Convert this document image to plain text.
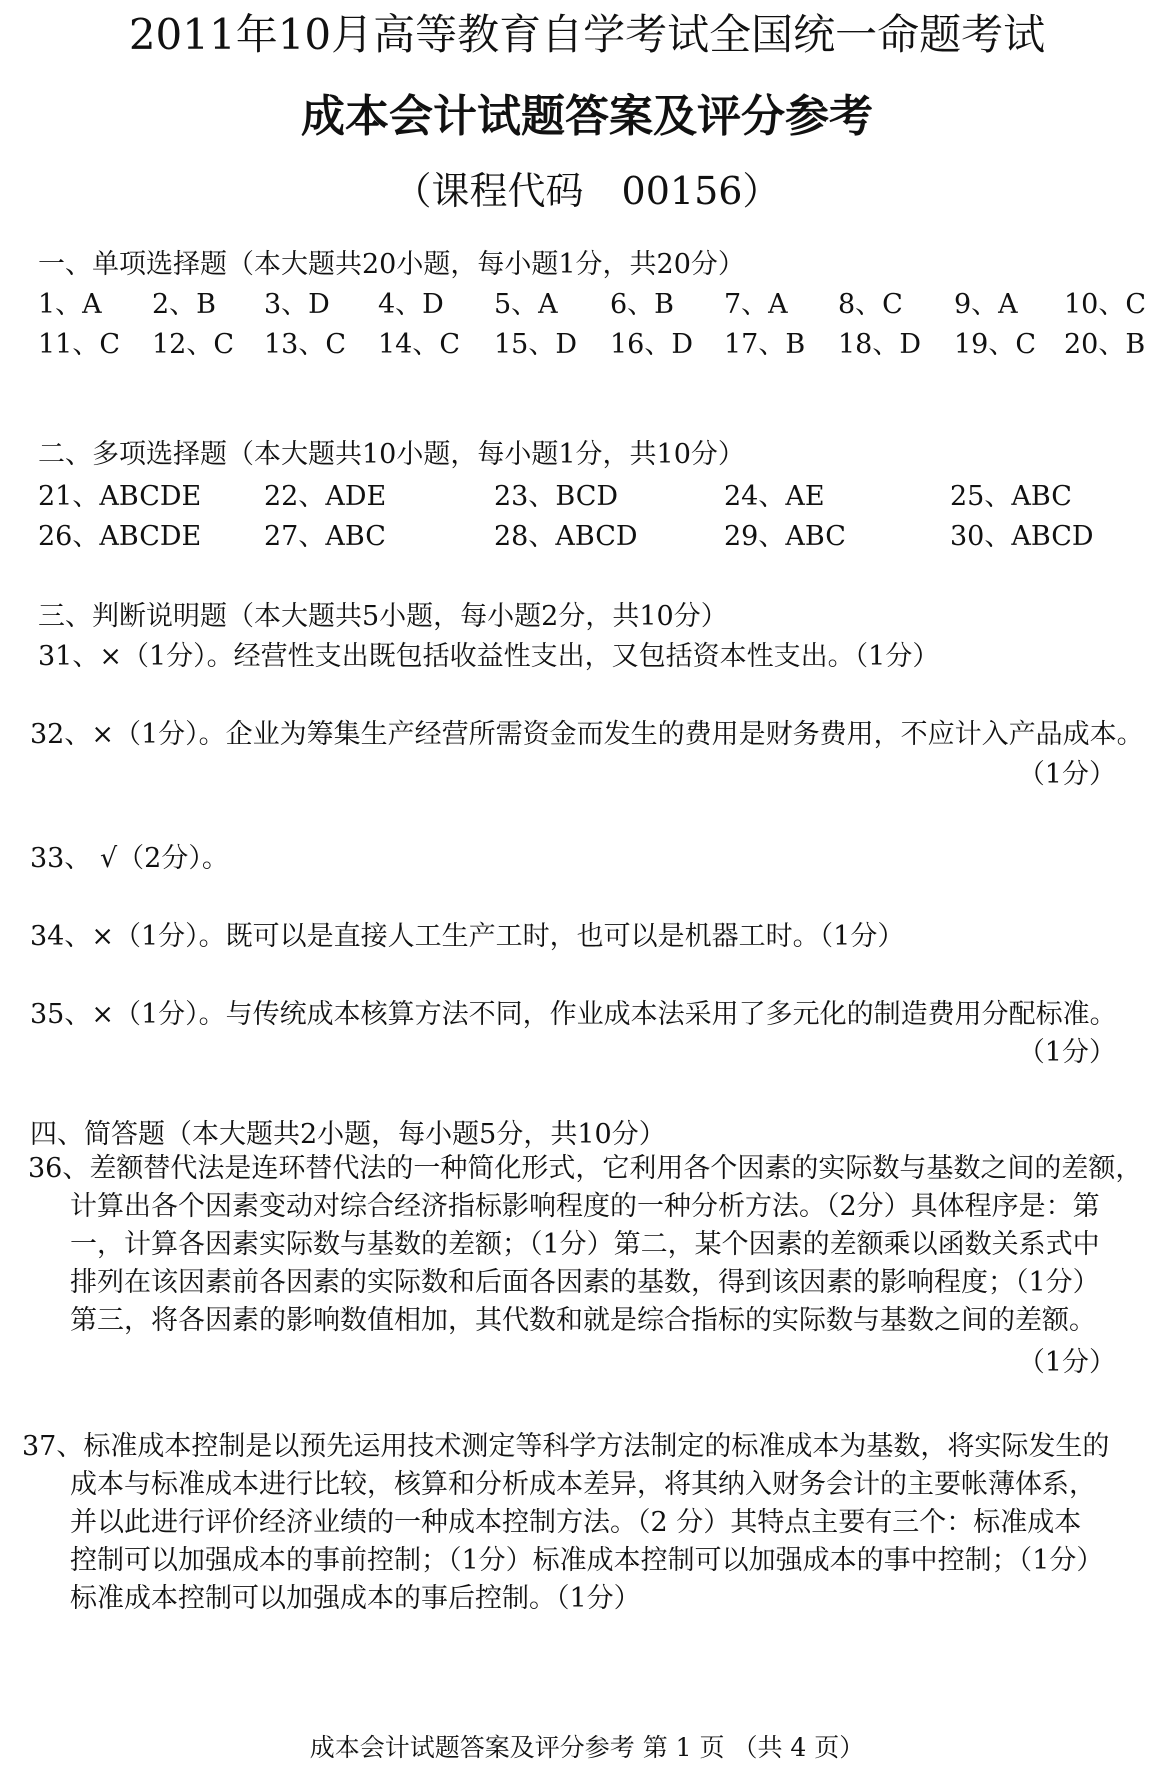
2011年10月高等教育自学考试全国统一命题考试
成本会计试题答案及评分参考
（课程代码　00156）
一、单项选择题（本大题共20小题，每小题1分，共20分）
1、A 2、B 3、D 4、D 5、A 6、B 7、A 8、C 9、A 10、C
11、C 12、C 13、C 14、C 15、D 16、D 17、B 18、D 19、C 20、B
二、多项选择题（本大题共10小题，每小题1分，共10分）
21、ABCDE 22、ADE	23、BCD	24、AE	25、ABC
26、ABCDE 27、ABC	28、ABCD	29、ABC	30、ABCD
三、判断说明题（本大题共5小题，每小题2分，共10分）
31、×（1分）。经营性支出既包括收益性支出，又包括资本性支出。（1分）
32、×（1分）。企业为筹集生产经营所需资金而发生的费用是财务费用，不应计入产品成本。
（1分）
33、 √（2分）。
34、×（1分）。既可以是直接人工生产工时，也可以是机器工时。（1分）
35、×（1分）。与传统成本核算方法不同，作业成本法采用了多元化的制造费用分配标准。
（1分）
四、简答题（本大题共2小题，每小题5分，共10分）
36、差额替代法是连环替代法的一种简化形式，它利用各个因素的实际数与基数之间的差额，
计算出各个因素变动对综合经济指标影响程度的一种分析方法。（2分）具体程序是：第
一，计算各因素实际数与基数的差额；（1分）第二，某个因素的差额乘以函数关系式中
排列在该因素前各因素的实际数和后面各因素的基数，得到该因素的影响程度；（1分）
第三，将各因素的影响数值相加，其代数和就是综合指标的实际数与基数之间的差额。
（1分）
37、标准成本控制是以预先运用技术测定等科学方法制定的标准成本为基数，将实际发生的
成本与标准成本进行比较，核算和分析成本差异，将其纳入财务会计的主要帐薄体系，
并以此进行评价经济业绩的一种成本控制方法。（2 分）其特点主要有三个：标准成本
控制可以加强成本的事前控制；（1分）标准成本控制可以加强成本的事中控制；（1分）
标准成本控制可以加强成本的事后控制。（1分）
成本会计试题答案及评分参考 第 1 页 （共 4 页）
